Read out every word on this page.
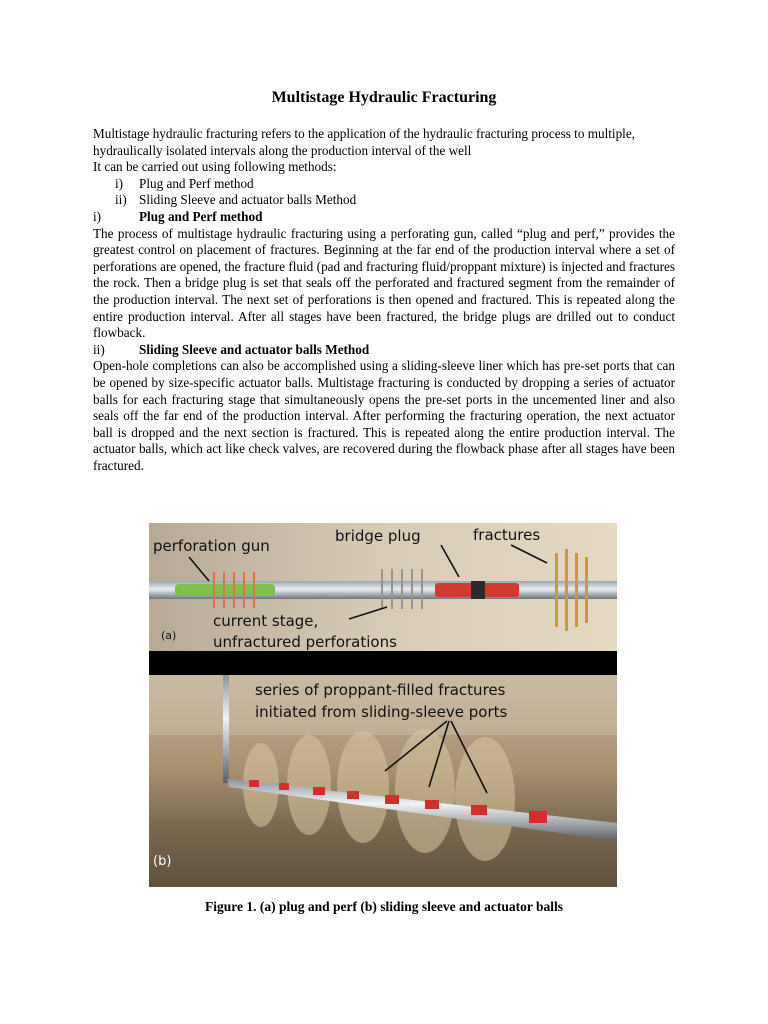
Multistage Hydraulic Fracturing

Multistage hydraulic fracturing refers to the application of the hydraulic fracturing process to multiple, hydraulically isolated intervals along the production interval of the well

It can be carried out using following methods:

i)	Plug and Perf method
ii) Sliding Sleeve and actuator balls Method
i)	Plug and Perf method

The process of multistage hydraulic fracturing using a perforating gun, called “plug and perf,” provides the greatest control on placement of fractures. Beginning at the far end of the production interval where a set of perforations are opened, the fracture fluid (pad and fracturing fluid/proppant mixture) is injected and fractures the rock. Then a bridge plug is set that seals off the perforated and fractured segment from the remainder of the production interval. The next set of perforations is then opened and fractured. This is repeated along the entire production interval. After all stages have been fractured, the bridge plugs are drilled out to conduct flowback.

ii)	Sliding Sleeve and actuator balls Method

Open-hole completions can also be accomplished using a sliding-sleeve liner which has pre-set ports that can be opened by size-specific actuator balls. Multistage fracturing is conducted by dropping a series of actuator balls for each fracturing stage that simultaneously opens the pre-set ports in the uncemented liner and also seals off the far end of the production interval. After performing the fracturing operation, the next actuator ball is dropped and the next section is fractured. This is repeated along the entire production interval. The actuator balls, which act like check valves, are recovered during the flowback phase after all stages have been fractured.

perforation gun
bridge plug	fractures
current stage,
unfractured perforations
(a)
series of proppant-filled fractures
initiated from sliding-sleeve ports
(b)
Figure 1. (a) plug and perf (b) sliding sleeve and actuator balls
